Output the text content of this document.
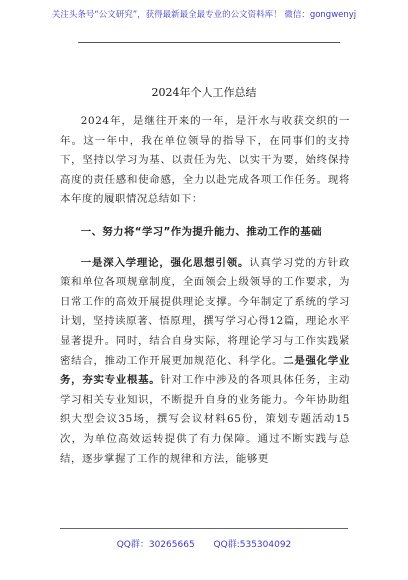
关注头条号“公文研究”，获得最新最全最专业的公文资料库！ 微信：gongwenyj
2024年个人工作总结

2024年，是继往开来的一年，是汗水与收获交织的一年。这一年中，我在单位领导的指导下，在同事们的支持下，坚持以学习为基、以责任为先、以实干为要，始终保持高度的责任感和使命感，全力以赴完成各项工作任务。现将本年度的履职情况总结如下：

一、努力将“学习”作为提升能力、推动工作的基础

一是深入学理论，强化思想引领。认真学习党的方针政策和单位各项规章制度，全面领会上级领导的工作要求，为日常工作的高效开展提供理论支撑。今年制定了系统的学习计划，坚持读原著、悟原理，撰写学习心得12篇，理论水平显著提升。同时，结合自身实际，将理论学习与工作实践紧密结合，推动工作开展更加规范化、科学化。二是强化学业务，夯实专业根基。针对工作中涉及的各项具体任务，主动学习相关专业知识，不断提升自身的业务能力。今年协助组织大型会议35场，撰写会议材料65份，策划专题活动15次，为单位高效运转提供了有力保障。通过不断实践与总结，逐步掌握了工作的规律和方法，能够更

QQ群：30265665 QQ群:535304092
